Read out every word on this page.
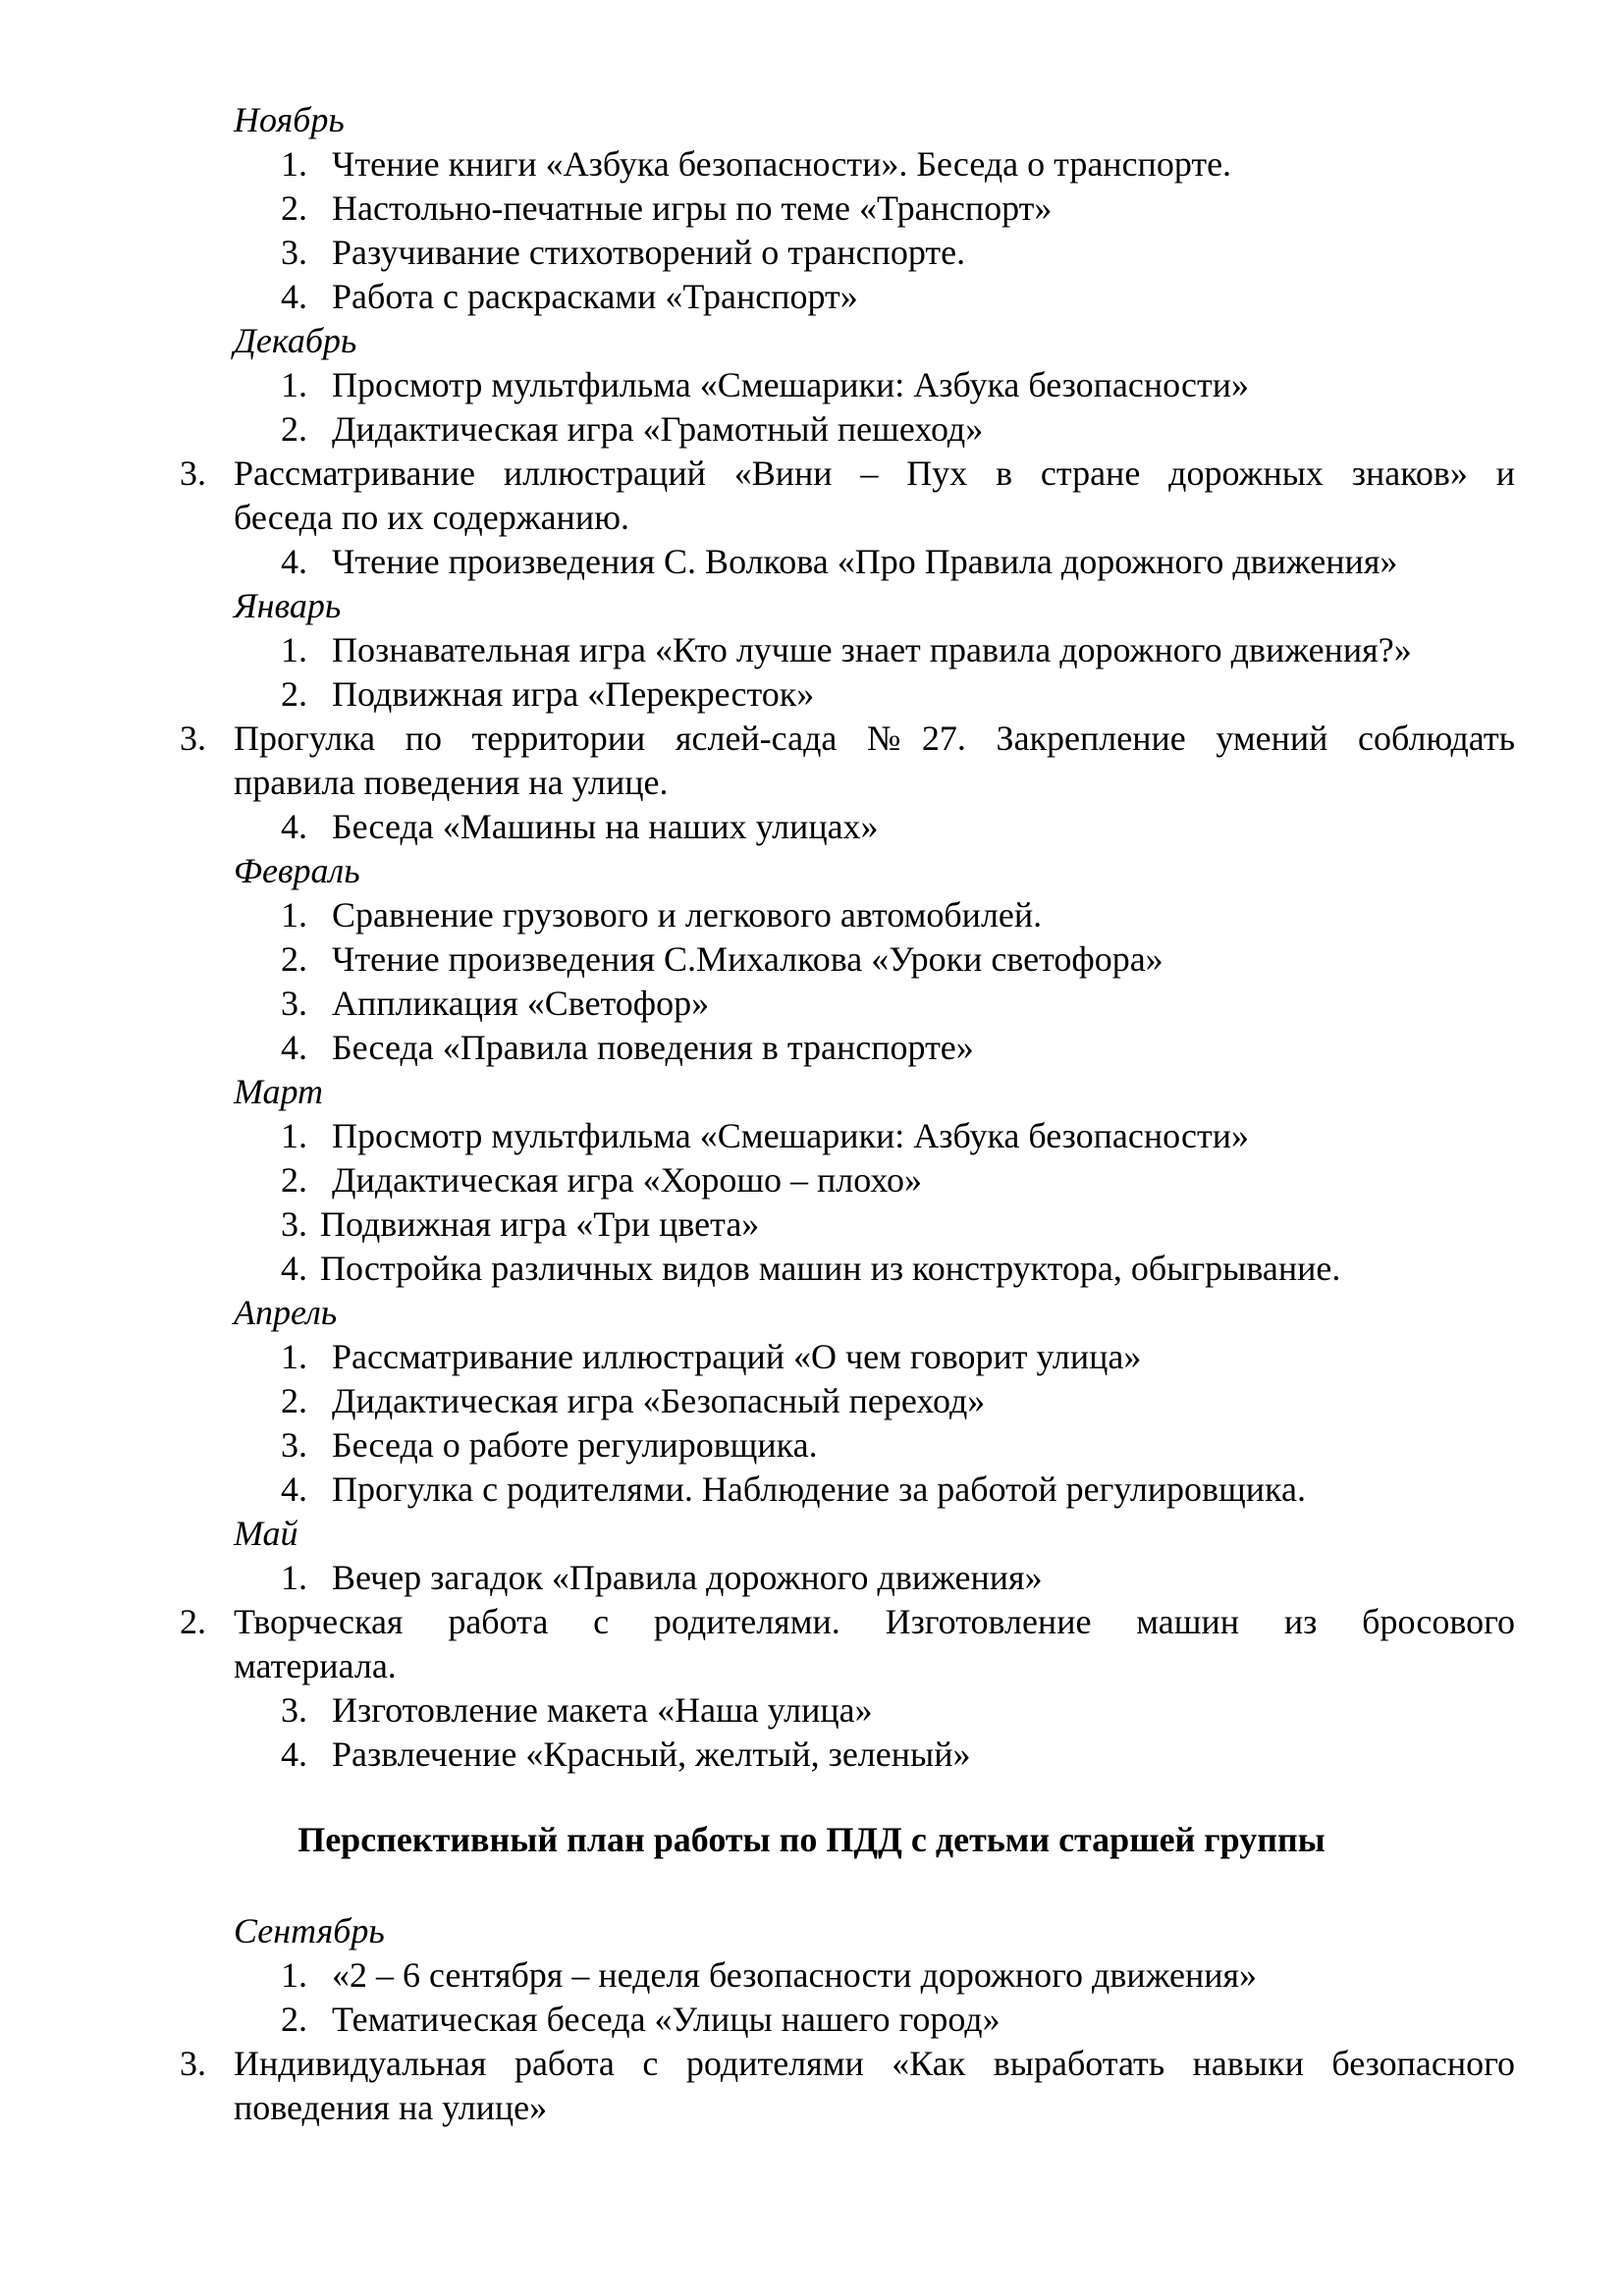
Ноябрь
1. Чтение книги «Азбука безопасности». Беседа о транспорте.
2. Настольно-печатные игры по теме «Транспорт»
3. Разучивание стихотворений о транспорте.
4. Работа с раскрасками «Транспорт»
Декабрь
1. Просмотр мультфильма «Смешарики: Азбука безопасности»
2. Дидактическая игра «Грамотный пешеход»
3. Рассматривание иллюстраций «Вини – Пух в стране дорожных знаков» и
беседа по их содержанию.
4. Чтение произведения С. Волкова «Про Правила дорожного движения»
Январь
1. Познавательная игра «Кто лучше знает правила дорожного движения?»
2. Подвижная игра «Перекресток»
3. Прогулка по территории яслей-сада №27. Закрепление умений соблюдать
правила поведения на улице.
4. Беседа «Машины на наших улицах»
Февраль
1. Сравнение грузового и легкового автомобилей.
2. Чтение произведения С.Михалкова «Уроки светофора»
3. Аппликация «Светофор»
4. Беседа «Правила поведения в транспорте»
Март
1. Просмотр мультфильма «Смешарики: Азбука безопасности»
2. Дидактическая игра «Хорошо – плохо»
3. Подвижная игра «Три цвета»
4. Постройка различных видов машин из конструктора, обыгрывание.
Апрель
1. Рассматривание иллюстраций «О чем говорит улица»
2. Дидактическая игра «Безопасный переход»
3. Беседа о работе регулировщика.
4. Прогулка с родителями. Наблюдение за работой регулировщика.
Май
1. Вечер загадок «Правила дорожного движения»
2. Творческая работа с родителями. Изготовление машин из бросового
материала.
3. Изготовление макета «Наша улица»
4. Развлечение «Красный, желтый, зеленый»
Перспективный план работы по ПДД с детьми старшей группы
Сентябрь
1. «2 – 6 сентября – неделя безопасности дорожного движения»
2. Тематическая беседа «Улицы нашего город»
3. Индивидуальная работа с родителями «Как выработать навыки безопасного
поведения на улице»
